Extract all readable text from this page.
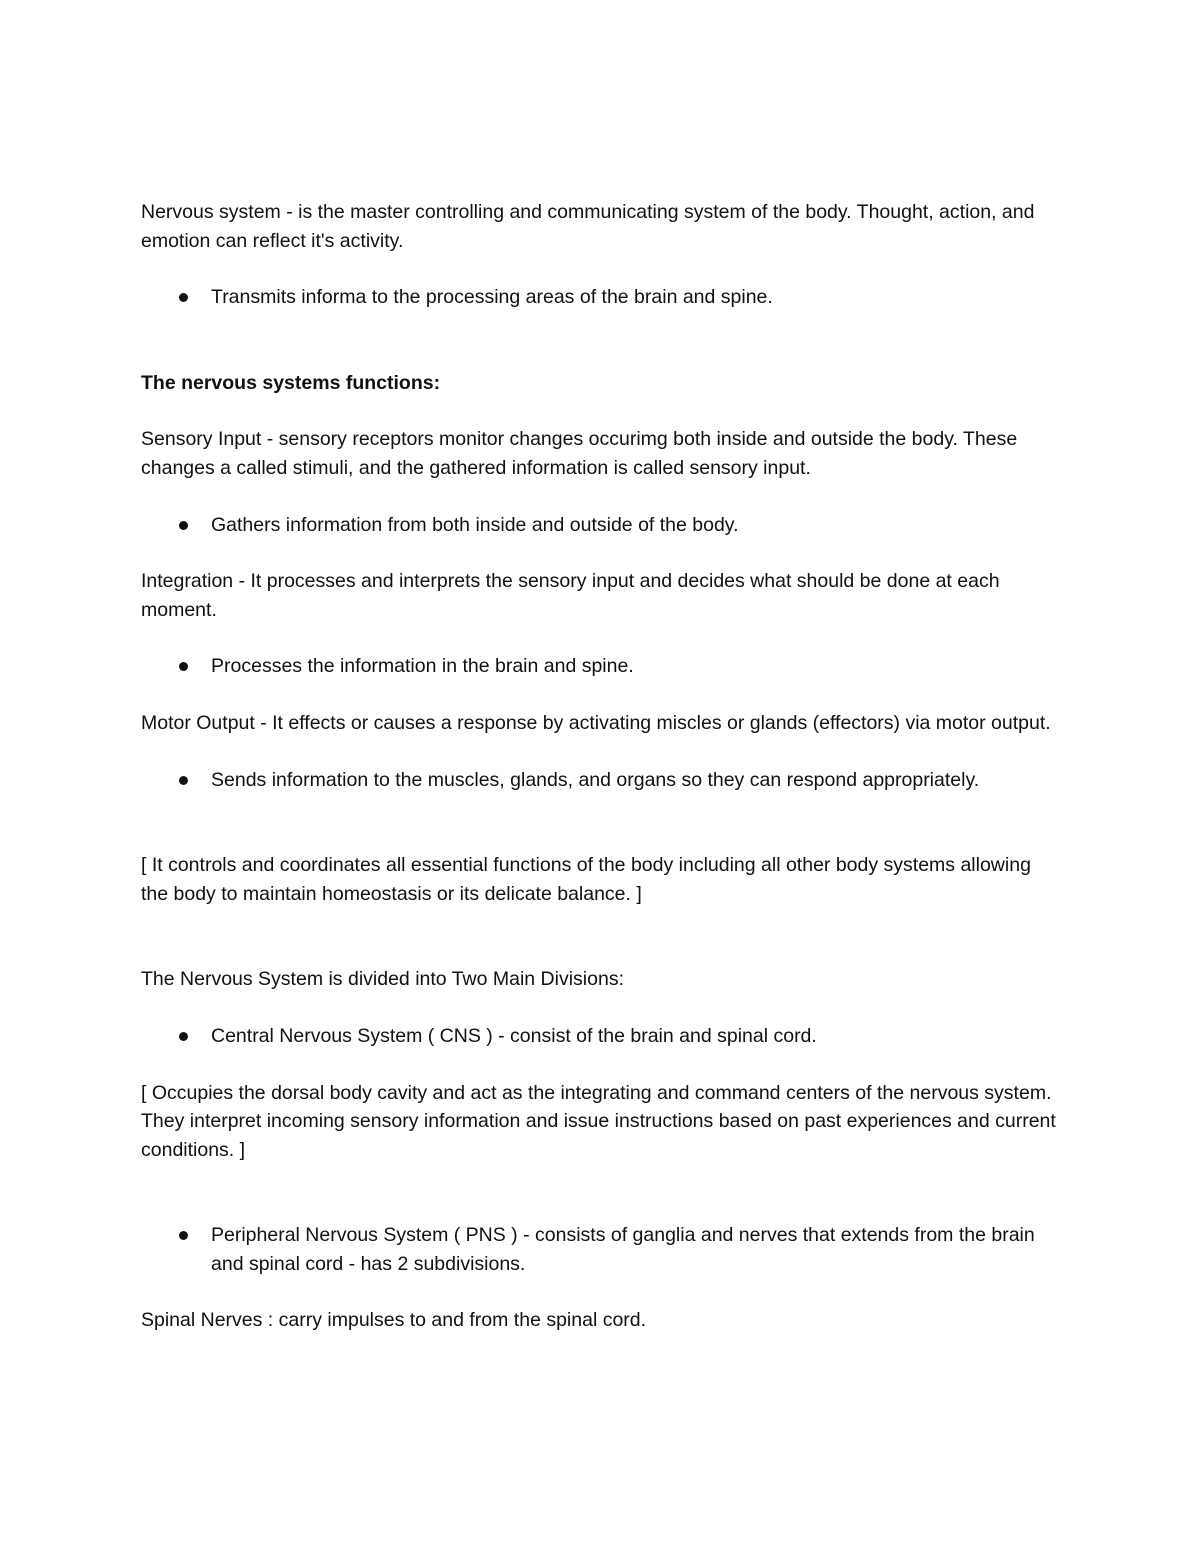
Nervous system - is the master controlling and communicating system of the body. Thought, action, and emotion can reflect it's activity.

Transmits informa to the processing areas of the brain and spine.

The nervous systems functions:

Sensory Input - sensory receptors monitor changes occurimg both inside and outside the body. These changes a called stimuli, and the gathered information is called sensory input.

Gathers information from both inside and outside of the body.

Integration - It processes and interprets the sensory input and decides what should be done at each moment.

Processes the information in the brain and spine.

Motor Output - It effects or causes a response by activating miscles or glands (effectors) via motor output.

Sends information to the muscles, glands, and organs so they can respond appropriately.

[ It controls and coordinates all essential functions of the body including all other body systems allowing the body to maintain homeostasis or its delicate balance. ]

The Nervous System is divided into Two Main Divisions:

Central Nervous System ( CNS ) - consist of the brain and spinal cord.

[ Occupies the dorsal body cavity and act as the integrating and command centers of the nervous system. They interpret incoming sensory information and issue instructions based on past experiences and current conditions. ]

Peripheral Nervous System ( PNS ) - consists of ganglia and nerves that extends from the brain and spinal cord - has 2 subdivisions.

Spinal Nerves : carry impulses to and from the spinal cord.
